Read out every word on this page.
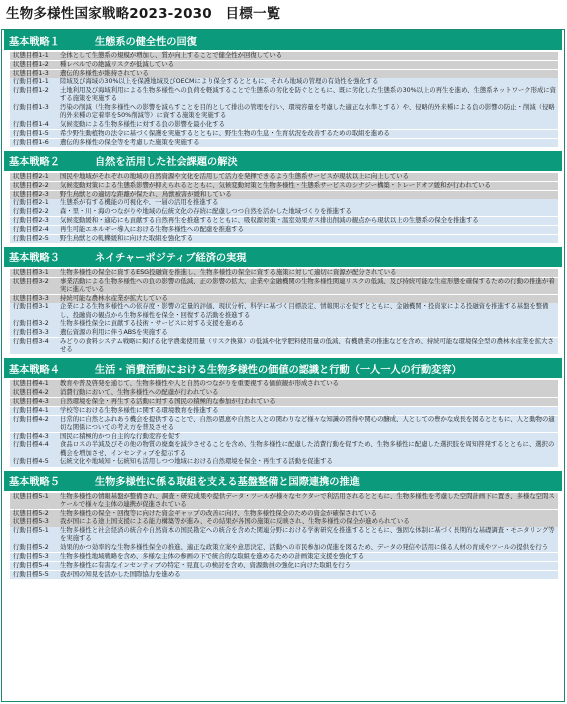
生物多様性国家戦略2023-2030　目標一覧
基本戦略１	生態系の健全性の回復
状態目標1-1	全体として生態系の規模が増加し、質が向上することで健全性が回復している
状態目標1-2	種レベルでの絶滅リスクが低減している
状態目標1-3	遺伝的多様性が維持されている
行動目標1-1	陸域及び海域の30%以上を保護地域及びOECMにより保全するとともに、それら地域の管理の有効性を強化する
行動目標1-2	土地利用及び海域利用による生物多様性への負荷を軽減することで生態系の劣化を防ぐとともに、既に劣化した生態系の30%以上の再生を進め、生態系ネットワーク形成に資する施策を実施する
行動目標1-3	汚染の削減（生物多様性への影響を減らすことを目的として排出の管理を行い、環境容量を考慮した適正な水準とする）や、侵略的外来種による負の影響の防止・削減（侵略的外来種の定着率を50%削減等）に資する施策を実施する
行動目標1-4	気候変動による生物多様性に対する負の影響を最小化する
行動目標1-5	希少野生動植物の法令に基づく保護を実施するとともに、野生生物の生息・生育状況を改善するための取組を進める
行動目標1-6	遺伝的多様性の保全等を考慮した施策を実施する
基本戦略２	自然を活用した社会課題の解決
状態目標2-1	国民や地域がそれぞれの地域の自然資源や文化を活用して活力を発揮できるよう生態系サービスが現状以上に向上している
状態目標2-2	気候変動対策による生態系影響が抑えられるとともに、気候変動対策と生物多様性・生態系サービスのシナジー構築・トレードオフ緩和が行われている
状態目標2-3	野生鳥獣との適切な距離が保たれ、鳥獣被害が緩和している
行動目標2-1	生態系が有する機能の可視化や、一層の活用を推進する
行動目標2-2	森・里・川・海のつながりや地域の伝統文化の存続に配慮しつつ自然を活かした地域づくりを推進する
行動目標2-3	気候変動緩和・適応にも貢献する自然再生を推進するとともに、吸収源対策・温室効果ガス排出削減の観点から現状以上の生態系の保全を推進する
行動目標2-4	再生可能エネルギー導入における生物多様性への配慮を推進する
行動目標2-5	野生鳥獣との軋轢緩和に向けた取組を強化する
基本戦略３	ネイチャーポジティブ経済の実現
状態目標3-1	生物多様性の保全に資するESG投融資を推進し、生物多様性の保全に資する施策に対して適切に資源が配分されている
状態目標3-2	事業活動による生物多様性への負の影響の低減、正の影響の拡大、企業や金融機関の生物多様性関連リスクの低減、及び持続可能な生産形態を確保するための行動の推進が着実に進んでいる
状態目標3-3	持続可能な農林水産業が拡大している
行動目標3-1	企業による生物多様性への依存度・影響の定量的評価、現状分析、科学に基づく目標設定、情報開示を促すとともに、金融機関・投資家による投融資を推進する基盤を整備し、投融資の観点から生物多様性を保全・回復する活動を推進する
行動目標3-2	生物多様性保全に貢献する技術・サービスに対する支援を進める
行動目標3-3	遺伝資源の利用に伴うABSを実施する
行動目標3-4	みどりの食料システム戦略に掲げる化学農薬使用量（リスク換算）の低減や化学肥料使用量の低減、有機農業の推進などを含め、持続可能な環境保全型の農林水産業を拡大させる
基本戦略４	生活・消費活動における生物多様性の価値の認識と行動（一人一人の行動変容）
状態目標4-1	教育や普及啓発を通じて、生物多様性や人と自然のつながりを重要視する価値観が形成されている
状態目標4-2	消費行動において、生物多様性への配慮が行われている
状態目標4-3	自然環境を保全・再生する活動に対する国民の積極的な参加が行われている
行動目標4-1	学校等における生物多様性に関する環境教育を推進する
行動目標4-2	日常的に自然とふれあう機会を提供することで、自然の恩恵や自然と人との関わりなど様々な知識の習得や関心の醸成、人としての豊かな成長を図るとともに、人と動物の適切な関係についての考え方を普及させる
行動目標4-3	国民に積極的かつ自主的な行動変容を促す
行動目標4-4	食品ロスの半減及びその他の物質の廃棄を減少させることを含め、生物多様性に配慮した消費行動を促すため、生物多様性に配慮した選択肢を周知啓発するとともに、選択の機会を増加させ、インセンティブを提示する
行動目標4-5	伝統文化や地域知・伝統知も活用しつつ地域における自然環境を保全・再生する活動を促進する
基本戦略５	生物多様性に係る取組を支える基盤整備と国際連携の推進
状態目標5-1	生物多様性の情報基盤が整備され、調査・研究成果や提供データ・ツールが様々なセクターで利活用されるとともに、生物多様性を考慮した空間計画下に置き、多様な空間スケールで様々な主体の連携が促進されている
状態目標5-2	生物多様性の保全・回復等に向けた資金ギャップの改善に向け、生物多様性保全のための資金が確保されている
状態目標5-3	我が国による途上国支援による能力構築等が進み、その結果が各国の施策に反映され、生物多様性の保全が進められている
行動目標5-1	生物多様性と社会経済の統合や自然資本の国民勘定への統合を含めた関連分野における学術研究を推進するとともに、強固な体制に基づく長期的な基礎調査・モニタリング等を実施する
行動目標5-2	効果的かつ効率的な生物多様性保全の推進、適正な政策立案や意思決定、活動への市民参加の促進を図るため、データの発信や活用に係る人材の育成やツールの提供を行う
行動目標5-3	生物多様性地域戦略を含め、多様な主体の参画の下で統合的な取組を進めるための計画策定支援を強化する
行動目標5-4	生物多様性に有害なインセンティブの特定・見直しの検討を含め、資源動員の強化に向けた取組を行う
行動目標5-5	我が国の知見を活かした国際協力を進める
